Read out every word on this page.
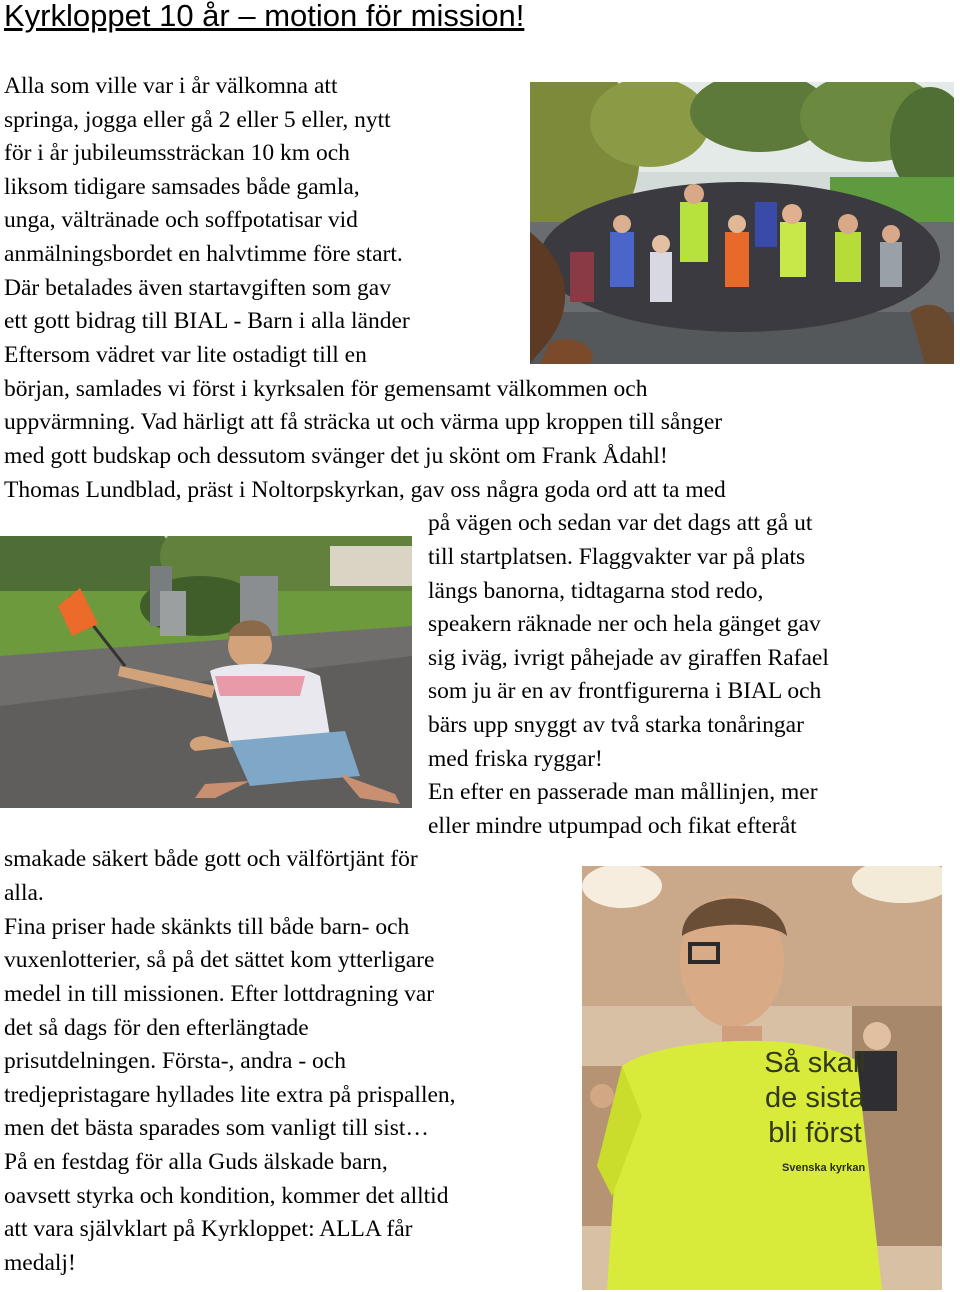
Kyrkloppet 10 år – motion för mission!
Alla som ville var i år välkomna att
springa, jogga eller gå 2 eller 5 eller, nytt
för i år jubileumssträckan 10 km och
liksom tidigare samsades både gamla,
unga, vältränade och soffpotatisar vid
anmälningsbordet en halvtimme före start.
Där betalades även startavgiften som gav
ett gott bidrag till BIAL - Barn i alla länder
Eftersom vädret var lite ostadigt till en
början, samlades vi först i kyrksalen för gemensamt välkommen och
uppvärmning. Vad härligt att få sträcka ut och värma upp kroppen till sånger
med gott budskap och dessutom svänger det ju skönt om Frank Ådahl!
Thomas Lundblad, präst i Noltorpskyrkan, gav oss några goda ord att ta med
på vägen och sedan var det dags att gå ut
till startplatsen. Flaggvakter var på plats
längs banorna, tidtagarna stod redo,
speakern räknade ner och hela gänget gav
sig iväg, ivrigt påhejade av giraffen Rafael
som ju är en av frontfigurerna i BIAL och
bärs upp snyggt av två starka tonåringar
med friska ryggar!
En efter en passerade man mållinjen, mer
eller mindre utpumpad och fikat efteråt
smakade säkert både gott och välförtjänt för
alla.
Fina priser hade skänkts till både barn- och
vuxenlotterier, så på det sättet kom ytterligare
medel in till missionen. Efter lottdragning var
det så dags för den efterlängtade
prisutdelningen. Första-, andra - och
tredjepristagare hyllades lite extra på prispallen,
men det bästa sparades som vanligt till sist…
På en festdag för alla Guds älskade barn,
oavsett styrka och kondition, kommer det alltid
att vara självklart på Kyrkloppet: ALLA får
medalj!
Så skall
de sista
bli först
Svenska kyrkan
